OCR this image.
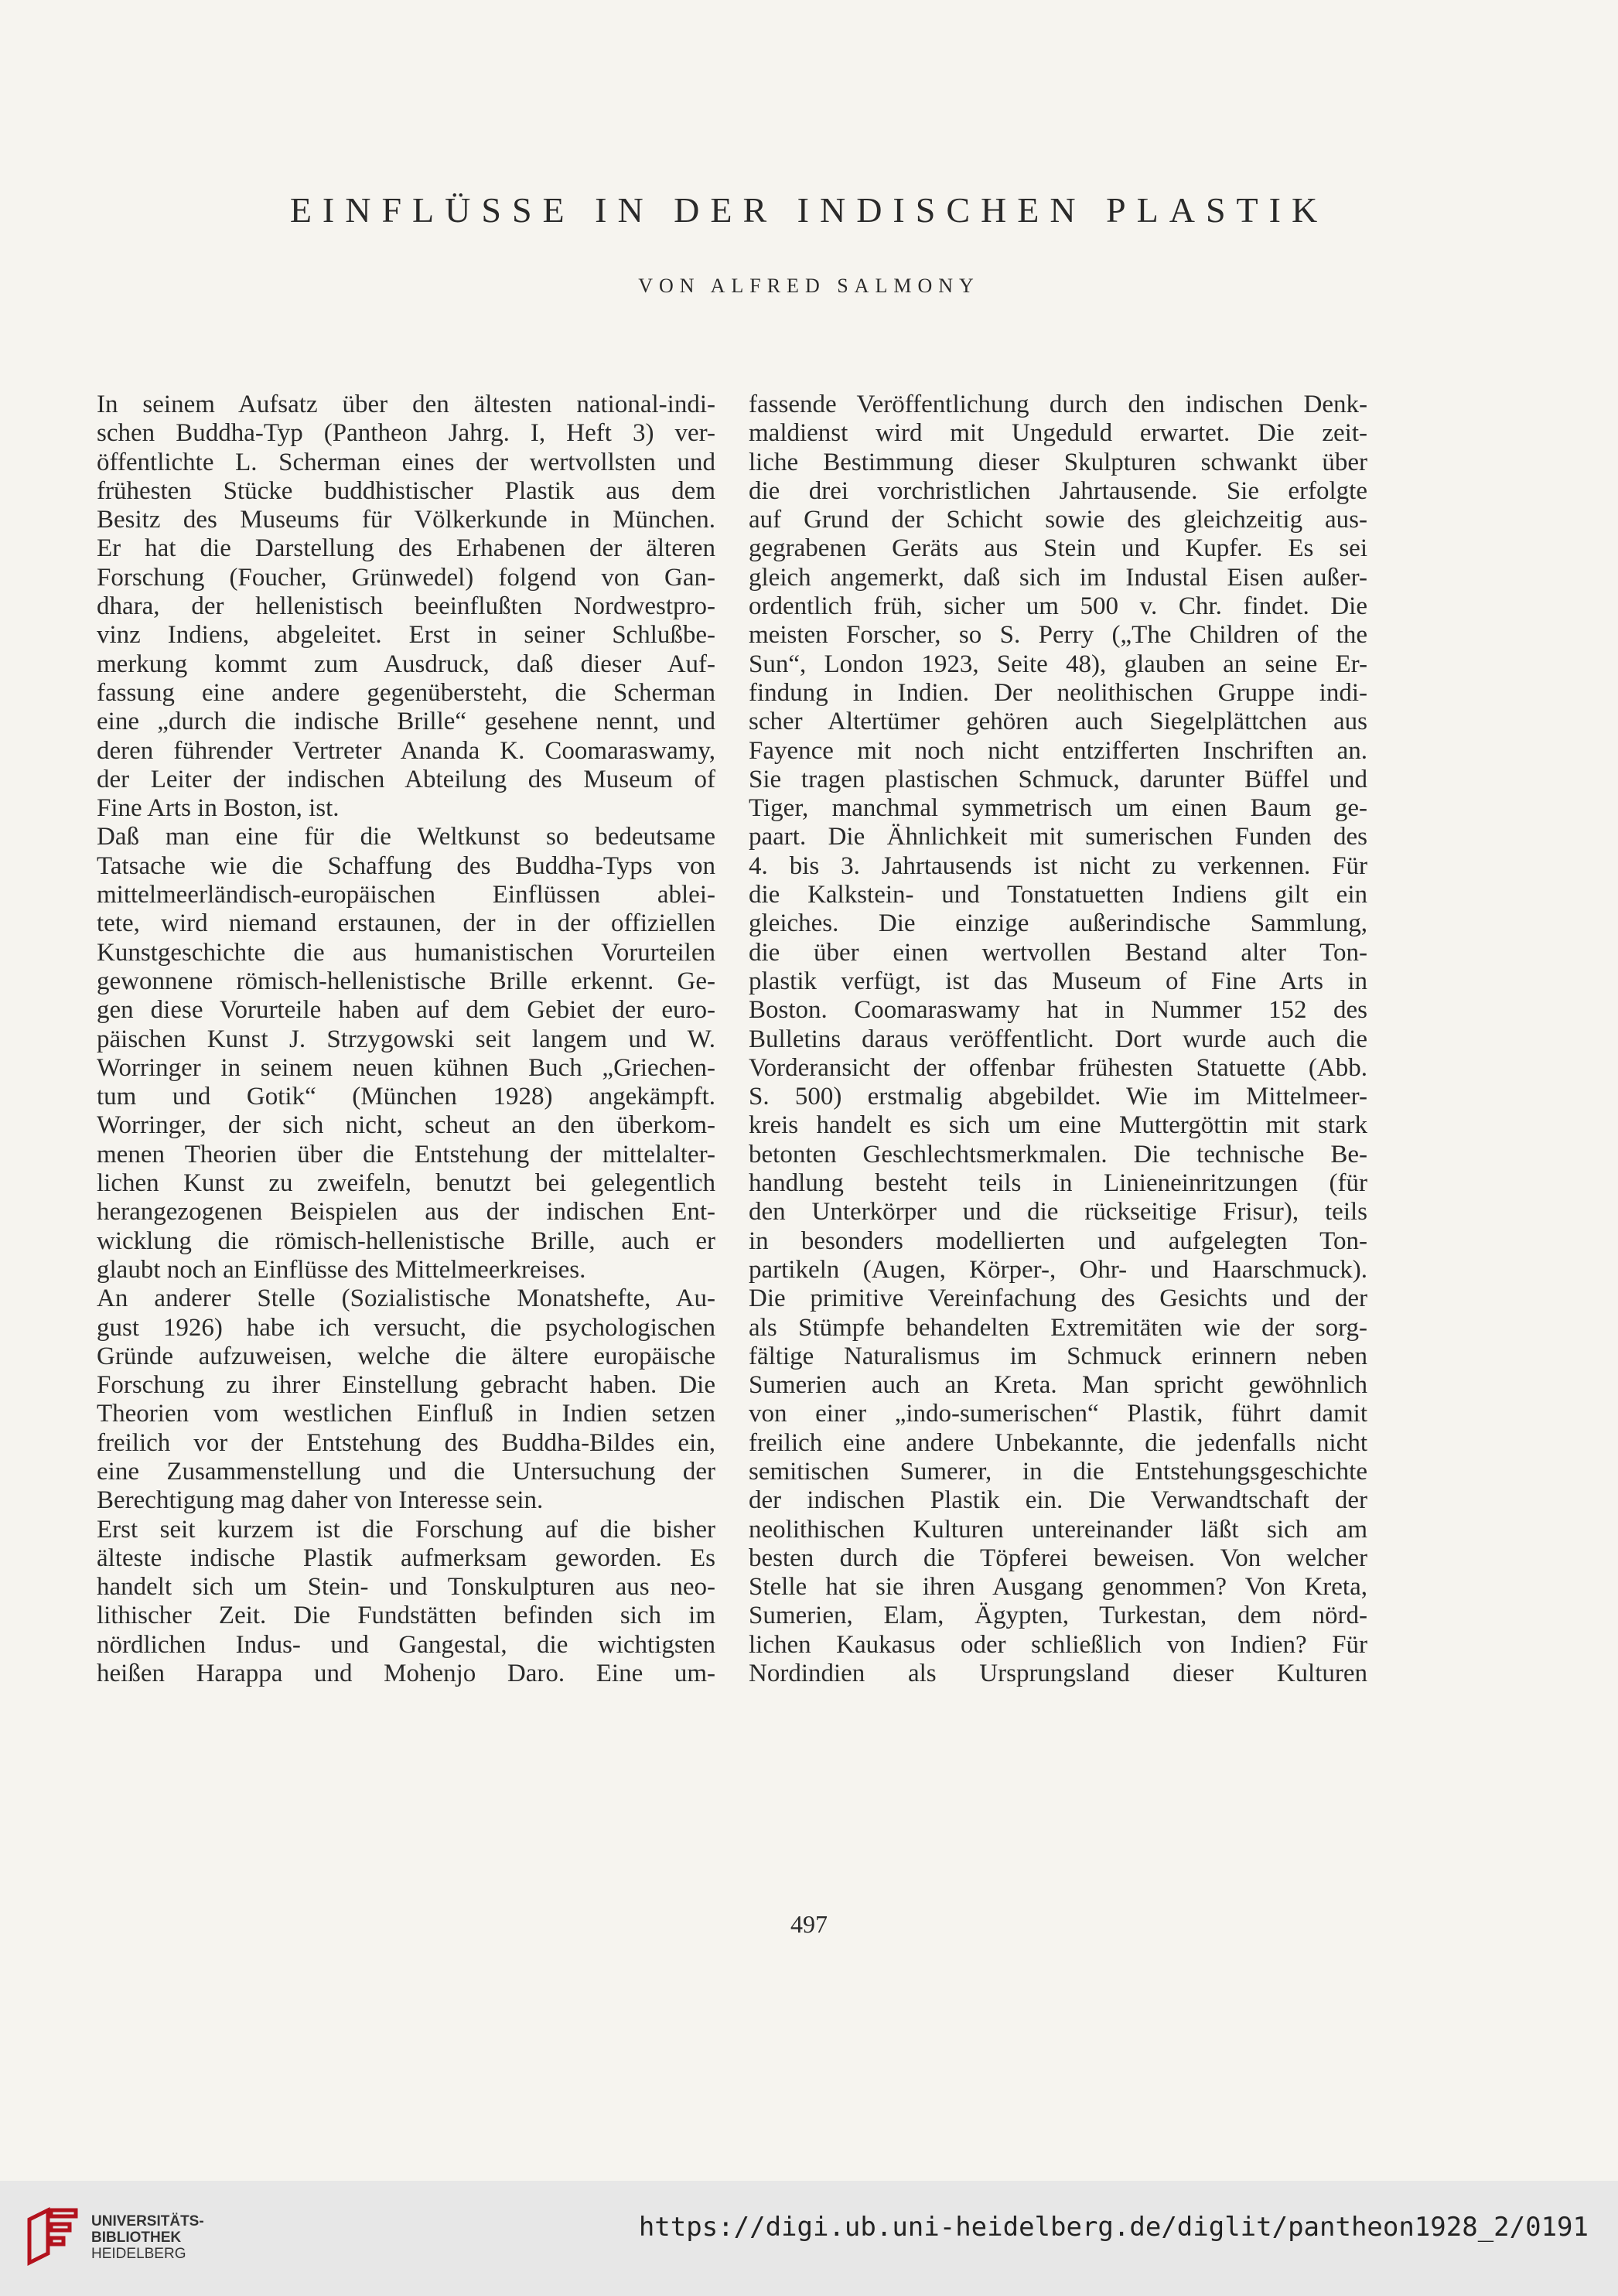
EINFLÜSSE IN DER INDISCHEN PLASTIK
VON ALFRED SALMONY
In seinem Aufsatz über den ältesten national-indi-
schen Buddha-Typ (Pantheon Jahrg. I, Heft 3) ver-
öffentlichte L. Scherman eines der wertvollsten und
frühesten Stücke buddhistischer Plastik aus dem
Besitz des Museums für Völkerkunde in München.
Er hat die Darstellung des Erhabenen der älteren
Forschung (Foucher, Grünwedel) folgend von Gan-
dhara, der hellenistisch beeinflußten Nordwestpro-
vinz Indiens, abgeleitet. Erst in seiner Schlußbe-
merkung kommt zum Ausdruck, daß dieser Auf-
fassung eine andere gegenübersteht, die Scherman
eine „durch die indische Brille“ gesehene nennt, und
deren führender Vertreter Ananda K. Coomaraswamy,
der Leiter der indischen Abteilung des Museum of
Fine Arts in Boston, ist.
Daß man eine für die Weltkunst so bedeutsame
Tatsache wie die Schaffung des Buddha-Typs von
mittelmeerländisch-europäischen Einflüssen ablei-
tete, wird niemand erstaunen, der in der offiziellen
Kunstgeschichte die aus humanistischen Vorurteilen
gewonnene römisch-hellenistische Brille erkennt. Ge-
gen diese Vorurteile haben auf dem Gebiet der euro-
päischen Kunst J. Strzygowski seit langem und W.
Worringer in seinem neuen kühnen Buch „Griechen-
tum und Gotik“ (München 1928) angekämpft.
Worringer, der sich nicht, scheut an den überkom-
menen Theorien über die Entstehung der mittelalter-
lichen Kunst zu zweifeln, benutzt bei gelegentlich
herangezogenen Beispielen aus der indischen Ent-
wicklung die römisch-hellenistische Brille, auch er
glaubt noch an Einflüsse des Mittelmeerkreises.
An anderer Stelle (Sozialistische Monatshefte, Au-
gust 1926) habe ich versucht, die psychologischen
Gründe aufzuweisen, welche die ältere europäische
Forschung zu ihrer Einstellung gebracht haben. Die
Theorien vom westlichen Einfluß in Indien setzen
freilich vor der Entstehung des Buddha-Bildes ein,
eine Zusammenstellung und die Untersuchung der
Berechtigung mag daher von Interesse sein.
Erst seit kurzem ist die Forschung auf die bisher
älteste indische Plastik aufmerksam geworden. Es
handelt sich um Stein- und Tonskulpturen aus neo-
lithischer Zeit. Die Fundstätten befinden sich im
nördlichen Indus- und Gangestal, die wichtigsten
heißen Harappa und Mohenjo Daro. Eine um-
fassende Veröffentlichung durch den indischen Denk-
maldienst wird mit Ungeduld erwartet. Die zeit-
liche Bestimmung dieser Skulpturen schwankt über
die drei vorchristlichen Jahrtausende. Sie erfolgte
auf Grund der Schicht sowie des gleichzeitig aus-
gegrabenen Geräts aus Stein und Kupfer. Es sei
gleich angemerkt, daß sich im Industal Eisen außer-
ordentlich früh, sicher um 500 v. Chr. findet. Die
meisten Forscher, so S. Perry („The Children of the
Sun“, London 1923, Seite 48), glauben an seine Er-
findung in Indien. Der neolithischen Gruppe indi-
scher Altertümer gehören auch Siegelplättchen aus
Fayence mit noch nicht entzifferten Inschriften an.
Sie tragen plastischen Schmuck, darunter Büffel und
Tiger, manchmal symmetrisch um einen Baum ge-
paart. Die Ähnlichkeit mit sumerischen Funden des
4. bis 3. Jahrtausends ist nicht zu verkennen. Für
die Kalkstein- und Tonstatuetten Indiens gilt ein
gleiches. Die einzige außerindische Sammlung,
die über einen wertvollen Bestand alter Ton-
plastik verfügt, ist das Museum of Fine Arts in
Boston. Coomaraswamy hat in Nummer 152 des
Bulletins daraus veröffentlicht. Dort wurde auch die
Vorderansicht der offenbar frühesten Statuette (Abb.
S. 500) erstmalig abgebildet. Wie im Mittelmeer-
kreis handelt es sich um eine Muttergöttin mit stark
betonten Geschlechtsmerkmalen. Die technische Be-
handlung besteht teils in Linieneinritzungen (für
den Unterkörper und die rückseitige Frisur), teils
in besonders modellierten und aufgelegten Ton-
partikeln (Augen, Körper-, Ohr- und Haarschmuck).
Die primitive Vereinfachung des Gesichts und der
als Stümpfe behandelten Extremitäten wie der sorg-
fältige Naturalismus im Schmuck erinnern neben
Sumerien auch an Kreta. Man spricht gewöhnlich
von einer „indo-sumerischen“ Plastik, führt damit
freilich eine andere Unbekannte, die jedenfalls nicht
semitischen Sumerer, in die Entstehungsgeschichte
der indischen Plastik ein. Die Verwandtschaft der
neolithischen Kulturen untereinander läßt sich am
besten durch die Töpferei beweisen. Von welcher
Stelle hat sie ihren Ausgang genommen? Von Kreta,
Sumerien, Elam, Ägypten, Turkestan, dem nörd-
lichen Kaukasus oder schließlich von Indien? Für
Nordindien als Ursprungsland dieser Kulturen
497
UNIVERSITÄTS-
BIBLIOTHEK
HEIDELBERG
https://digi.ub.uni-heidelberg.de/diglit/pantheon1928_2/0191
